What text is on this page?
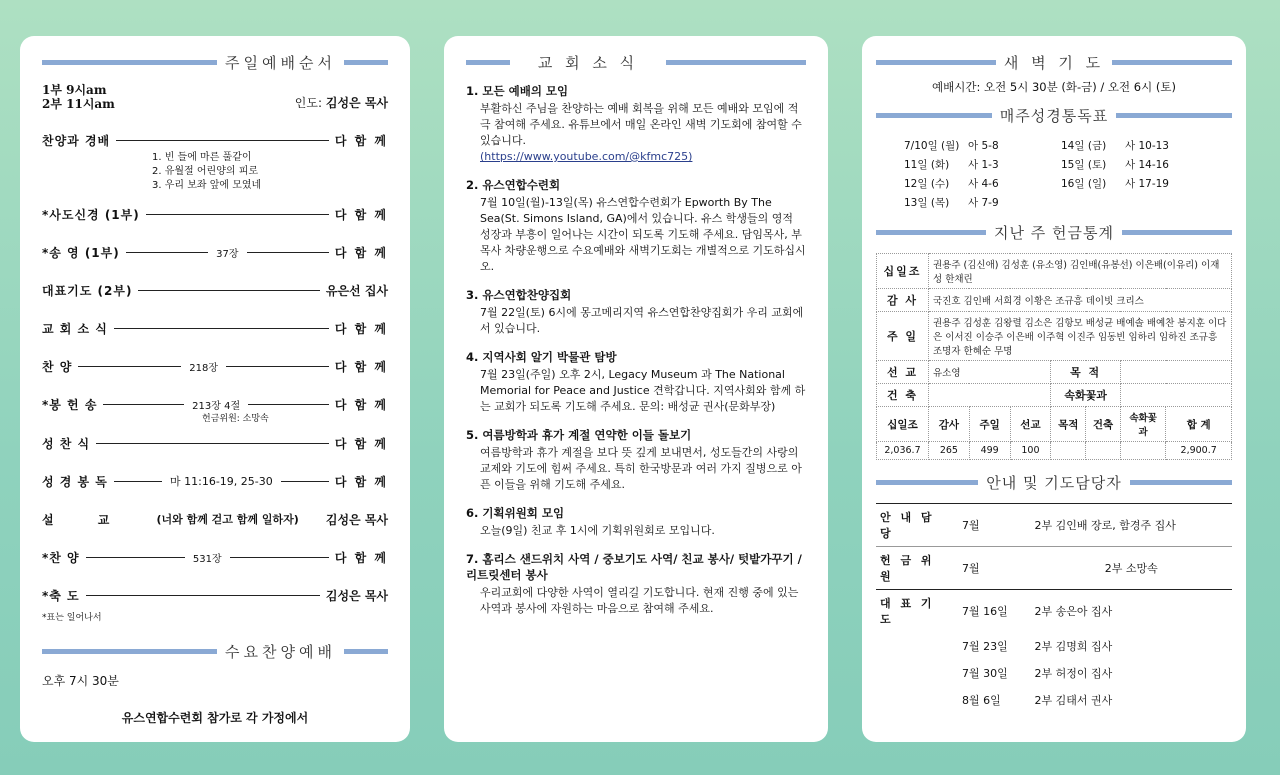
주일예배순서
1부 9시am
2부 11시am	인도: 김성은 목사
찬양과 경배	다 함 께
1. 빈 들에 마른 풀같이
2. 유월절 어린양의 피로
3. 우리 보좌 앞에 모였네
*사도신경 (1부)	다 함 께
*송 영 (1부)	37장	다 함 께
대표기도 (2부)	유은선 집사
교 회 소 식	다 함 께
찬 양	218장	다 함 께
*봉 헌 송	213장 4절	다 함 께
헌금위원: 소망속
성 찬 식	다 함 께
성 경 봉 독	마 11:16-19, 25-30	다 함 께
설 교	(너와 함께 걷고 함께 일하자)	김성은 목사
*찬 양	531장	다 함 께
*축 도	김성은 목사
*표는 일어나서
수요찬양예배
오후 7시 30분
유스연합수련회 참가로 각 가정에서
교 회 소 식
1. 모든 예배의 모임

부활하신 주님을 찬양하는 예배 회복을 위해 모든 예배와 모임에 적극 참여해 주세요. 유튜브에서 매일 온라인 새벽 기도회에 참여할 수 있습니다.
(https://www.youtube.com/@kfmc725)

2. 유스연합수련회

7월 10일(월)-13일(목) 유스연합수련회가 Epworth By The Sea(St. Simons Island, GA)에서 있습니다. 유스 학생들의 영적 성장과 부흥이 일어나는 시간이 되도록 기도해 주세요. 담임목사, 부목사 차량운행으로 수요예배와 새벽기도회는 개별적으로 기도하십시오.

3. 유스연합찬양집회

7월 22일(토) 6시에 몽고메리지역 유스연합찬양집회가 우리 교회에서 있습니다.

4. 지역사회 알기 박물관 탐방

7월 23일(주일) 오후 2시, Legacy Museum 과 The National Memorial for Peace and Justice 견학갑니다. 지역사회와 함께 하는 교회가 되도록 기도해 주세요. 문의: 배성균 권사(문화부장)

5. 여름방학과 휴가 계절 연약한 이들 돌보기

여름방학과 휴가 계절을 보다 뜻 깊게 보내면서, 성도들간의 사랑의 교제와 기도에 힘써 주세요. 특히 한국방문과 여러 가지 질병으로 아픈 이들을 위해 기도해 주세요.

6. 기획위원회 모임

오늘(9일) 친교 후 1시에 기획위원회로 모입니다.

7. 홈리스 샌드위치 사역 / 중보기도 사역/ 친교 봉사/ 텃밭가꾸기 / 리트릿센터 봉사

우리교회에 다양한 사역이 열리길 기도합니다. 현재 진행 중에 있는 사역과 봉사에 자원하는 마음으로 참여해 주세요.

새 벽 기 도
예배시간: 오전 5시 30분 (화-금) / 오전 6시 (토)
매주성경통독표
7/10일 (월) 아 5-8
11일 (화)	사 1-3
12일 (수)	사 4-6
13일 (목)	사 7-9
14일 (금)	사 10-13
15일 (토)	사 14-16
16일 (일)	사 17-19
지난 주 헌금통계
십일조	권용주 (김신애) 김성훈 (유소영) 김인배(유봉선) 이은배(이유리) 이재성 한채린						
감 사	국진호 김인배 서희경 이황은 조규흥 데이빗 크리스						
주 일	권용주 김성훈 김왕렬 김소은 김항모 배성균 배예솔 배예찬 봉지훈 이다은 이서진 이승주 이은배 이주혁 이진주 임동빈 임하리 임하진 조규흥 조명자 한혜순 무명						
선 교	유소영			목 적			
건 축				속화꽃과			
십일조	감사	주일	선교	목적	건축	속화꽃과	합 계
2,036.7	265	499	100				2,900.7
안내 및 기도담당자
안 내 담 당	7월	2부 김인배 장로, 함경주 집사
헌 금 위 원	7월	2부 소망속
대 표 기 도	7월 16일	2부 송은아 집사
	7월 23일	2부 김명희 집사
	7월 30일	2부 허정이 집사
	8월 6일	2부 김태서 권사
